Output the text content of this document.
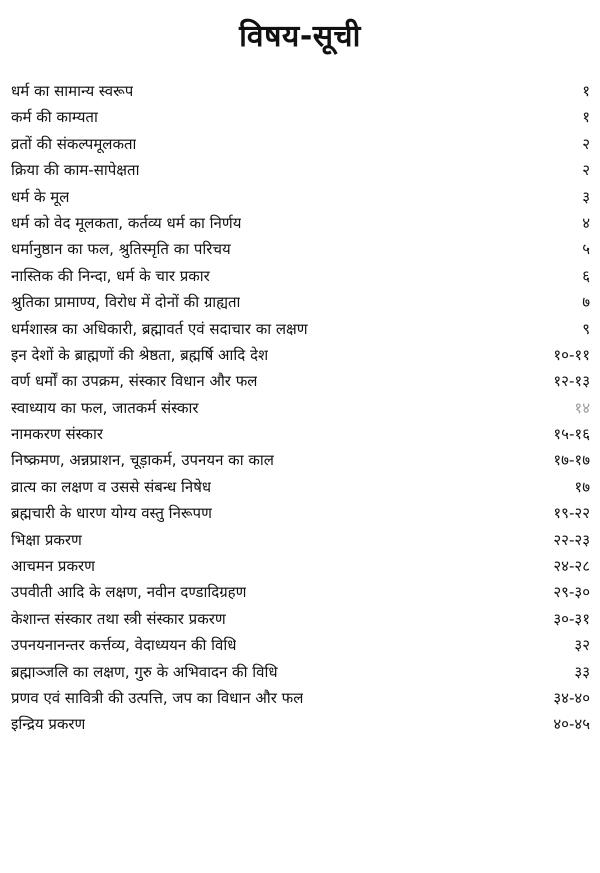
विषय-सूची
धर्म का सामान्य स्वरूप	१
कर्म की काम्यता	१
व्रतों की संकल्पमूलकता	२
क्रिया की काम-सापेक्षता	२
धर्म के मूल	३
धर्म को वेद मूलकता, कर्तव्य धर्म का निर्णय	४
धर्मानुष्ठान का फल, श्रुतिस्मृति का परिचय	५
नास्तिक की निन्दा, धर्म के चार प्रकार	६
श्रुतिका प्रामाण्य, विरोध में दोनों की ग्राह्यता	७
धर्मशास्त्र का अधिकारी, ब्रह्मावर्त एवं सदाचार का लक्षण	९
इन देशों के ब्राह्मणों की श्रेष्ठता, ब्रह्मर्षि आदि देश	१०-११
वर्ण धर्मों का उपक्रम, संस्कार विधान और फल	१२-१३
स्वाध्याय का फल, जातकर्म संस्कार	१४
नामकरण संस्कार	१५-१६
निष्क्रमण, अन्नप्राशन, चूड़ाकर्म, उपनयन का काल	१७-१७
व्रात्य का लक्षण व उससे संबन्ध निषेध	१७
ब्रह्मचारी के धारण योग्य वस्तु निरूपण	१९-२२
भिक्षा प्रकरण	२२-२३
आचमन प्रकरण	२४-२८
उपवीती आदि के लक्षण, नवीन दण्डादिग्रहण	२९-३०
केशान्त संस्कार तथा स्त्री संस्कार प्रकरण	३०-३१
उपनयनानन्तर कर्त्तव्य, वेदाध्ययन की विधि	३२
ब्रह्माञ्जलि का लक्षण, गुरु के अभिवादन की विधि	३३
प्रणव एवं सावित्री की उत्पत्ति, जप का विधान और फल	३४-४०
इन्द्रिय प्रकरण	४०-४५
